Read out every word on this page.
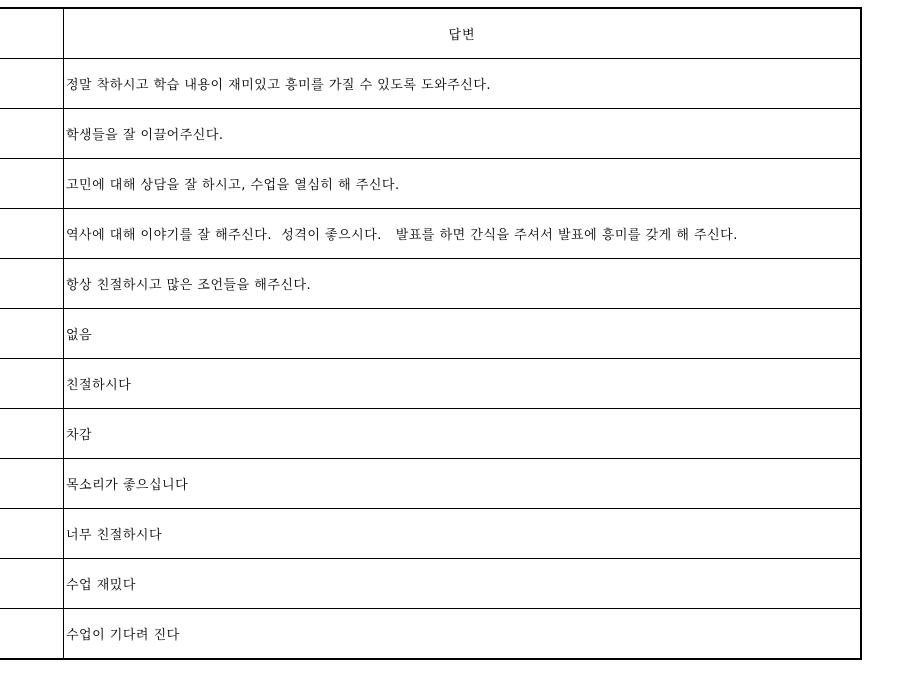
	답변
	정말 착하시고 학습 내용이 재미있고 흥미를 가질 수 있도록 도와주신다.
	학생들을 잘 이끌어주신다.
	고민에 대해 상담을 잘 하시고, 수업을 열심히 해 주신다.
	역사에 대해 이야기를 잘 해주신다.  성격이 좋으시다.   발표를 하면 간식을 주셔서 발표에 흥미를 갖게 해 주신다.
	항상 친절하시고 많은 조언들을 해주신다.
	없음
	친절하시다
	차감
	목소리가 좋으십니다
	너무 친절하시다
	수업 재밌다
	수업이 기다려 진다
